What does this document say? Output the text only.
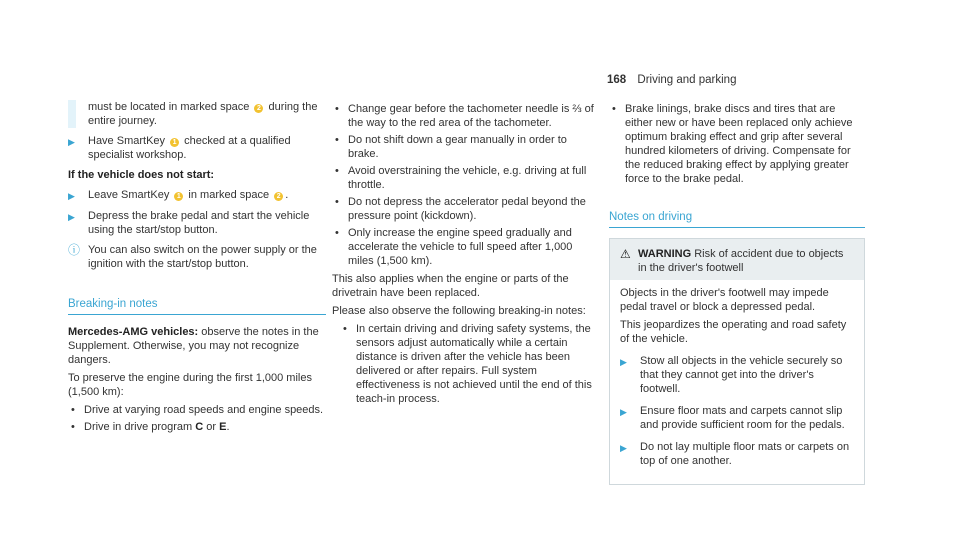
168 Driving and parking

must be located in marked space 2 during the entire journey.

▶	Have SmartKey 1 checked at a qualified specialist workshop.

If the vehicle does not start:

▶	Leave SmartKey 1 in marked space 2 .
▶	Depress the brake pedal and start the vehicle using the start/stop button.
ⓘ You can also switch on the power supply or the ignition with the start/stop button.
Breaking-in notes

Mercedes-AMG vehicles: observe the notes in the Supplement. Otherwise, you may not recognize dangers.

To preserve the engine during the first 1,000 miles (1,500 km):

• Drive at varying road speeds and engine speeds.
• Drive in drive program C or E.
• Change gear before the tachometer needle is ⅔ of the way to the red area of the tachometer.
• Do not shift down a gear manually in order to brake.
• Avoid overstraining the vehicle, e.g. driving at full throttle.
• Do not depress the accelerator pedal beyond the pressure point (kickdown).
• Only increase the engine speed gradually and accelerate the vehicle to full speed after 1,000 miles (1,500 km).

This also applies when the engine or parts of the drivetrain have been replaced.

Please also observe the following breaking-in notes:

• In certain driving and driving safety systems, the sensors adjust automatically while a certain distance is driven after the vehicle has been delivered or after repairs. Full system effectiveness is not achieved until the end of this teach-in process.
• Brake linings, brake discs and tires that are either new or have been replaced only achieve optimum braking effect and grip after several hundred kilometers of driving. Compensate for the reduced braking effect by applying greater force to the brake pedal.
Notes on driving
⚠ WARNING Risk of accident due to objects in the driver's footwell

Objects in the driver's footwell may impede pedal travel or block a depressed pedal.

This jeopardizes the operating and road safety of the vehicle.

▶	Stow all objects in the vehicle securely so that they cannot get into the driver's footwell.
▶	Ensure floor mats and carpets cannot slip and provide sufficient room for the pedals.
▶	Do not lay multiple floor mats or carpets on top of one another.
